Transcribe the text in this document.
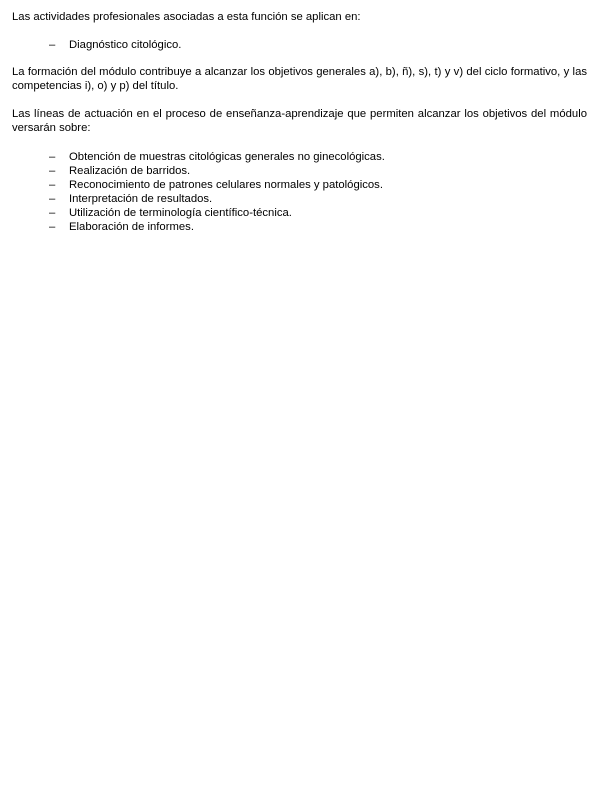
Las actividades profesionales asociadas a esta función se aplican en:

– Diagnóstico citológico.

La formación del módulo contribuye a alcanzar los objetivos generales a), b), ñ), s), t) y v) del ciclo formativo, y las competencias i), o) y p) del título.

Las líneas de actuación en el proceso de enseñanza-aprendizaje que permiten alcanzar los objetivos del módulo versarán sobre:

– Obtención de muestras citológicas generales no ginecológicas.
– Realización de barridos.
– Reconocimiento de patrones celulares normales y patológicos.
– Interpretación de resultados.
– Utilización de terminología científico-técnica.
– Elaboración de informes.
